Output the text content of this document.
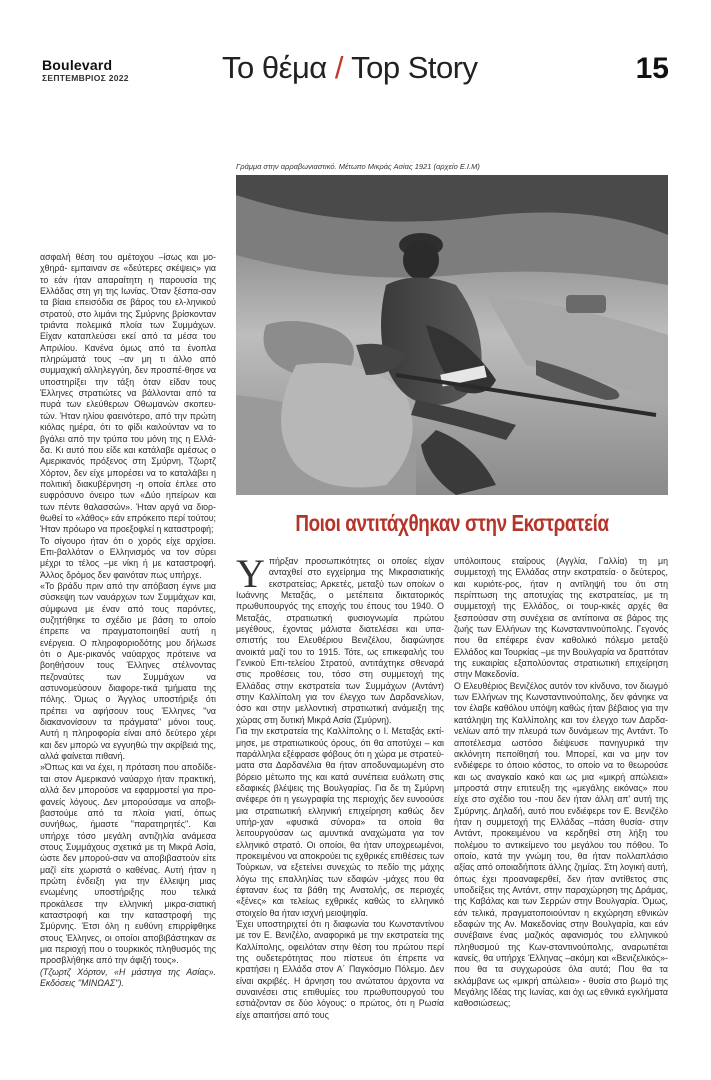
Boulevard
ΣΕΠΤΕΜΒΡΙΟΣ 2022	Το θέμα / Top Story	15
Γράμμα στην αρραβωνιαστικό. Μέτωπο Μικράς Ασίας 1921 (αρχείο Ε.Ι.Μ)
Ποιοι αντιτάχθηκαν στην Εκστρατεία

ασφαλή θέση του αμέτοχου –ίσως και μο-χθηρά- εμπαιναν σε «δεύτερες σκέψεις» για το εάν ήταν απαραίτητη η παρουσία της Ελλάδας στη γη της Ιωνίας. Όταν ξέσπα-σαν τα βίαια επεισόδια σε βάρος του ελ-ληνικού στρατού, στο λιμάνι της Σμύρνης βρίσκονταν τριάντα πολεμικά πλοία των Συμμάχων. Είχαν καταπλεύσει εκεί από τα μέσα του Απριλίου. Κανένα όμως από τα ένοπλα πληρώματά τους –αν μη τι άλλο από συμμαχική αλληλεγγύη, δεν προσπέ-θησε να υποστηρίξει την τάξη όταν είδαν τους Έλληνες στρατιώτες να βάλλονται από τα πυρά των ελεύθερων Οθωμανών σκοπευ-τών. Ήταν ηλίου φαεινότερο, από την πρώτη κιόλας ημέρα, ότι το φίδι καιλούνταν να το βγάλει από την τρύπα του μόνη της η Ελλά-δα. Κι αυτό που είδε και κατάλαβε αμέσως ο Αμερικανός πρόξενος στη Σμύρνη, Τζωρτζ Χόρτον, δεν είχε μπορέσει να το καταλάβει η πολιτική διακυβέρνηση -η οποία έπλεε στο ευφρόσυνο όνειρο των «Δύο ηπείρων και των πέντε θαλασσών». Ήταν αργά να διορ-θωθεί το «λάθος» εάν επρόκειτο περί τούτου; Ήταν πρόωρο να προεξοφλεί η καταστροφή;

Το σίγουρο ήταν ότι ο χορός είχε αρχίσει. Επι-βαλλόταν ο Ελληνισμός να τον σύρει μέχρι το τέλος –με νίκη ή με καταστροφή. Άλλος δρόμος δεν φαινόταν πως υπήρχε.

«Το βράδυ πριν από την απόβαση έγινε μια σύσκεψη των ναυάρχων των Συμμάχων και, σύμφωνα με έναν από τους παρόντες, συζητήθηκε το σχέδιο με βάση το οποίο έπρεπε να πραγματοποιηθεί αυτή η ενέργεια. Ο πληροφοριοδότης μου δήλωσε ότι ο Αμε-ρικανός ναύαρχος πρότεινε να βοηθήσουν τους Έλληνες στέλνοντας πεζοναύτες των Συμμάχων να αστυνομεύσουν διαφορε-τικά τμήματα της πόλης. Όμως ο Άγγλος υποστήριξε ότι πρέπει να αφήσουν τους Έλληνες ''να διακανονίσουν τα πράγματα'' μόνοι τους. Αυτή η πληροφορία είναι από δεύτερο χέρι και δεν μπορώ να εγγυηθώ την ακρίβειά της, αλλά φαίνεται πιθανή.

»Όπως και να έχει, η πρόταση που αποδίδε-ται στον Αμερικανό ναύαρχο ήταν πρακτική, αλλά δεν μπορούσε να εφαρμοστεί για προ-φανείς λόγους. Δεν μπορούσαμε να αποβι-βαστούμε από τα πλοία γιατί, όπως συνήθως, ήμαστε ''παρατηρητές''. Και υπήρχε τόσο μεγάλη αντιζηλία ανάμεσα στους Συμμάχους σχετικά με τη Μικρά Ασία, ώστε δεν μπορού-σαν να αποβιβαστούν είτε μαζί είτε χωριστά ο καθένας. Αυτή ήταν η πρώτη ένδειξη για την έλλειψη μιας ενωμένης υποστήριξης που τελικά προκάλεσε την ελληνική μικρα-σιατική καταστροφή και την καταστροφή της Σμύρνης. Έτσι όλη η ευθύνη επιρρίφθηκε στους Έλληνες, οι οποίοι αποβιβάστηκαν σε μια περιοχή που ο τουρκικός πληθυσμός της προσβλήθηκε από την άφιξή τους».

(Τζωρτζ Χόρτον, «Η μάστιγα της Ασίας». Εκδόσεις ''ΜΙΝΩΑΣ'').

Υπήρξαν προσωπικότητες οι οποίες είχαν ανταχθεί στο εγχείρημα της Μικρασιατικής εκστρατείας; Αρκετές, μεταξύ των οποίων ο Ιωάννης Μεταξάς, ο μετέπειτα δικτατορικός πρωθυπουργός της εποχής του έπους του 1940. Ο Μεταξάς, στρατιωτική φυσιογνωμία πρώτου μεγέθους, έχοντας μάλιστα διατελέσει και υπα-σπιστής του Ελευθέριου Βενιζέλου, διαφώνησε ανοικτά μαζί του το 1915. Τότε, ως επικεφαλής του Γενικού Επι-τελείου Στρατού, αντιτάχτηκε σθεναρά στις προθέσεις του, τόσο στη συμμετοχή της Ελλάδας στην εκστρατεία των Συμμάχων (Αντάντ) στην Καλλίπολη για τον έλεγχο των Δαρδανελίων, όσο και στην μελλοντική στρατιωτική ανάμειξη της χώρας στη δυτική Μικρά Ασία (Σμύρνη).

Για την εκστρατεία της Καλλίπολης ο Ι. Μεταξάς εκτί-μησε, με στρατιωτικούς όρους, ότι θα αποτύχει – και παράλληλα εξέφρασε φόβους ότι η χώρα με στρατεύ-ματα στα Δαρδανέλια θα ήταν αποδυναμωμένη στο βόρειο μέτωπο της και κατά συνέπεια ευάλωτη στις εδαφικές βλέψεις της Βουλγαρίας. Για δε τη Σμύρνη ανέφερε ότι η γεωγραφία της περιοχής δεν ευνοούσε μια στρατιωτική ελληνική επιχείρηση καθώς δεν υπήρ-χαν «φυσικά σύνορα» τα οποία θα λειτουργούσαν ως αμυντικά αναχώματα για τον ελληνικό στρατό. Οι οποίοι, θα ήταν υποχρεωμένοι, προκειμένου να αποκρούει τις εχθρικές επιθέσεις των Τούρκων, να εξετείνει συνεχώς το πεδίο της μάχης λόγω της επαλληλίας των εδαφών -μάχες που θα έφταναν έως τα βάθη της Ανατολής, σε περιοχές «ξένες» και τελείως εχθρικές καθώς το ελληνικό στοιχείο θα ήταν ισχνή μειοψηφία.

Έχει υποστηριχτεί ότι η διαφωνία του Κωνσταντίνου με τον Ε. Βενιζέλο, αναφορικά με την εκστρατεία της Καλλίπολης, οφειλόταν στην θέση του πρώτου περί της ουδετερότητας που πίστευε ότι έπρεπε να κρατήσει η Ελλάδα στον Α΄ Παγκόσμιο Πόλεμο. Δεν είναι ακριβές. Η άρνηση του ανώτατου άρχοντα να συναινέσει στις επιθυμίες του πρωθυπουργού του εστιάζονταν σε δύο λόγους: ο πρώτος, ότι η Ρωσία είχε απαιτήσει από τους

υπόλοιπους εταίρους (Αγγλία, Γαλλία) τη μη συμμετοχή της Ελλάδας στην εκστρατεία· ο δεύτερος, και κυριότε-ρος, ήταν η αντίληψή του ότι στη περίπτωση της αποτυχίας της εκστρατείας, με τη συμμετοχή της Ελλάδος, οι τουρ-κικές αρχές θα ξεσπούσαν στη συνέχεια σε αντίποινα σε βάρος της ζωής των Ελλήνων της Κωνσταντινούπολης. Γεγονός που θα επέφερε έναν καθολικό πόλεμο μεταξύ Ελλάδος και Τουρκίας –με την Βουλγαρία να δραττόταν της ευκαιρίας εξαπολύοντας στρατιωτική επιχείρηση στην Μακεδονία.

Ο Ελευθέριος Βενιζέλος αυτόν τον κίνδυνο, τον διωγμό των Ελλήνων της Κωνσταντινούπολης, δεν φάνηκε να τον έλαβε καθόλου υπόψη καθώς ήταν βέβαιος για την κατάληψη της Καλλίπολης και τον έλεγχο των Δαρδα-νελίων από την πλευρά των δυνάμεων της Αντάντ. Το αποτέλεσμα ωστόσο διέψευσε πανηγυρικά την ακλόνητη πεποίθησή του. Μπορεί, και να μην τον ενδιέφερε το όποιο κόστος, το οποίο να το θεωρούσε και ως αναγκαίο κακό και ως μια «μικρή απώλεια» μπροστά στην επιτευξη της «μεγάλης εικόνας» που είχε στο σχέδιο του -που δεν ήταν άλλη απ' αυτή της Σμύρνης. Δηλαδή, αυτό που ενδιέφερε τον Ε. Βενιζέλο ήταν η συμμετοχή της Ελλάδας –πάση θυσία- στην Αντάντ, προκειμένου να κερδηθεί στη λήξη του πολέμου το αντικείμενο του μεγάλου του πόθου. Το οποίο, κατά την γνώμη του, θα ήταν πολλαπλάσιο αξίας από οποιαδήποτε άλλης ζημίας. Στη λογική αυτή, όπως έχει προαναφερθεί, δεν ήταν αντίθετος στις υποδείξεις της Αντάντ, στην παραχώρηση της Δράμας, της Καβάλας και των Σερρών στην Βουλγαρία. Όμως, εάν τελικά, πραγματοποιούνταν η εκχώρηση εθνικών εδαφών της Αν. Μακεδονίας στην Βουλγαρία, και εάν συνέβαινε ένας μαζικός αφανισμός του ελληνικού πληθυσμού της Κων-σταντινούπολης, αναρωτιέται κανείς, θα υπήρχε Έλληνας –ακόμη και «Βενιζελικός»- που θα τα συγχωρούσε όλα αυτά; Που θα τα εκλάμβανε ως «μικρή απώλεια» - θυσία στο βωμό της Μεγάλης Ιδέας της Ιωνίας, και όχι ως εθνικά εγκλήματα καθοσιώσεως;
